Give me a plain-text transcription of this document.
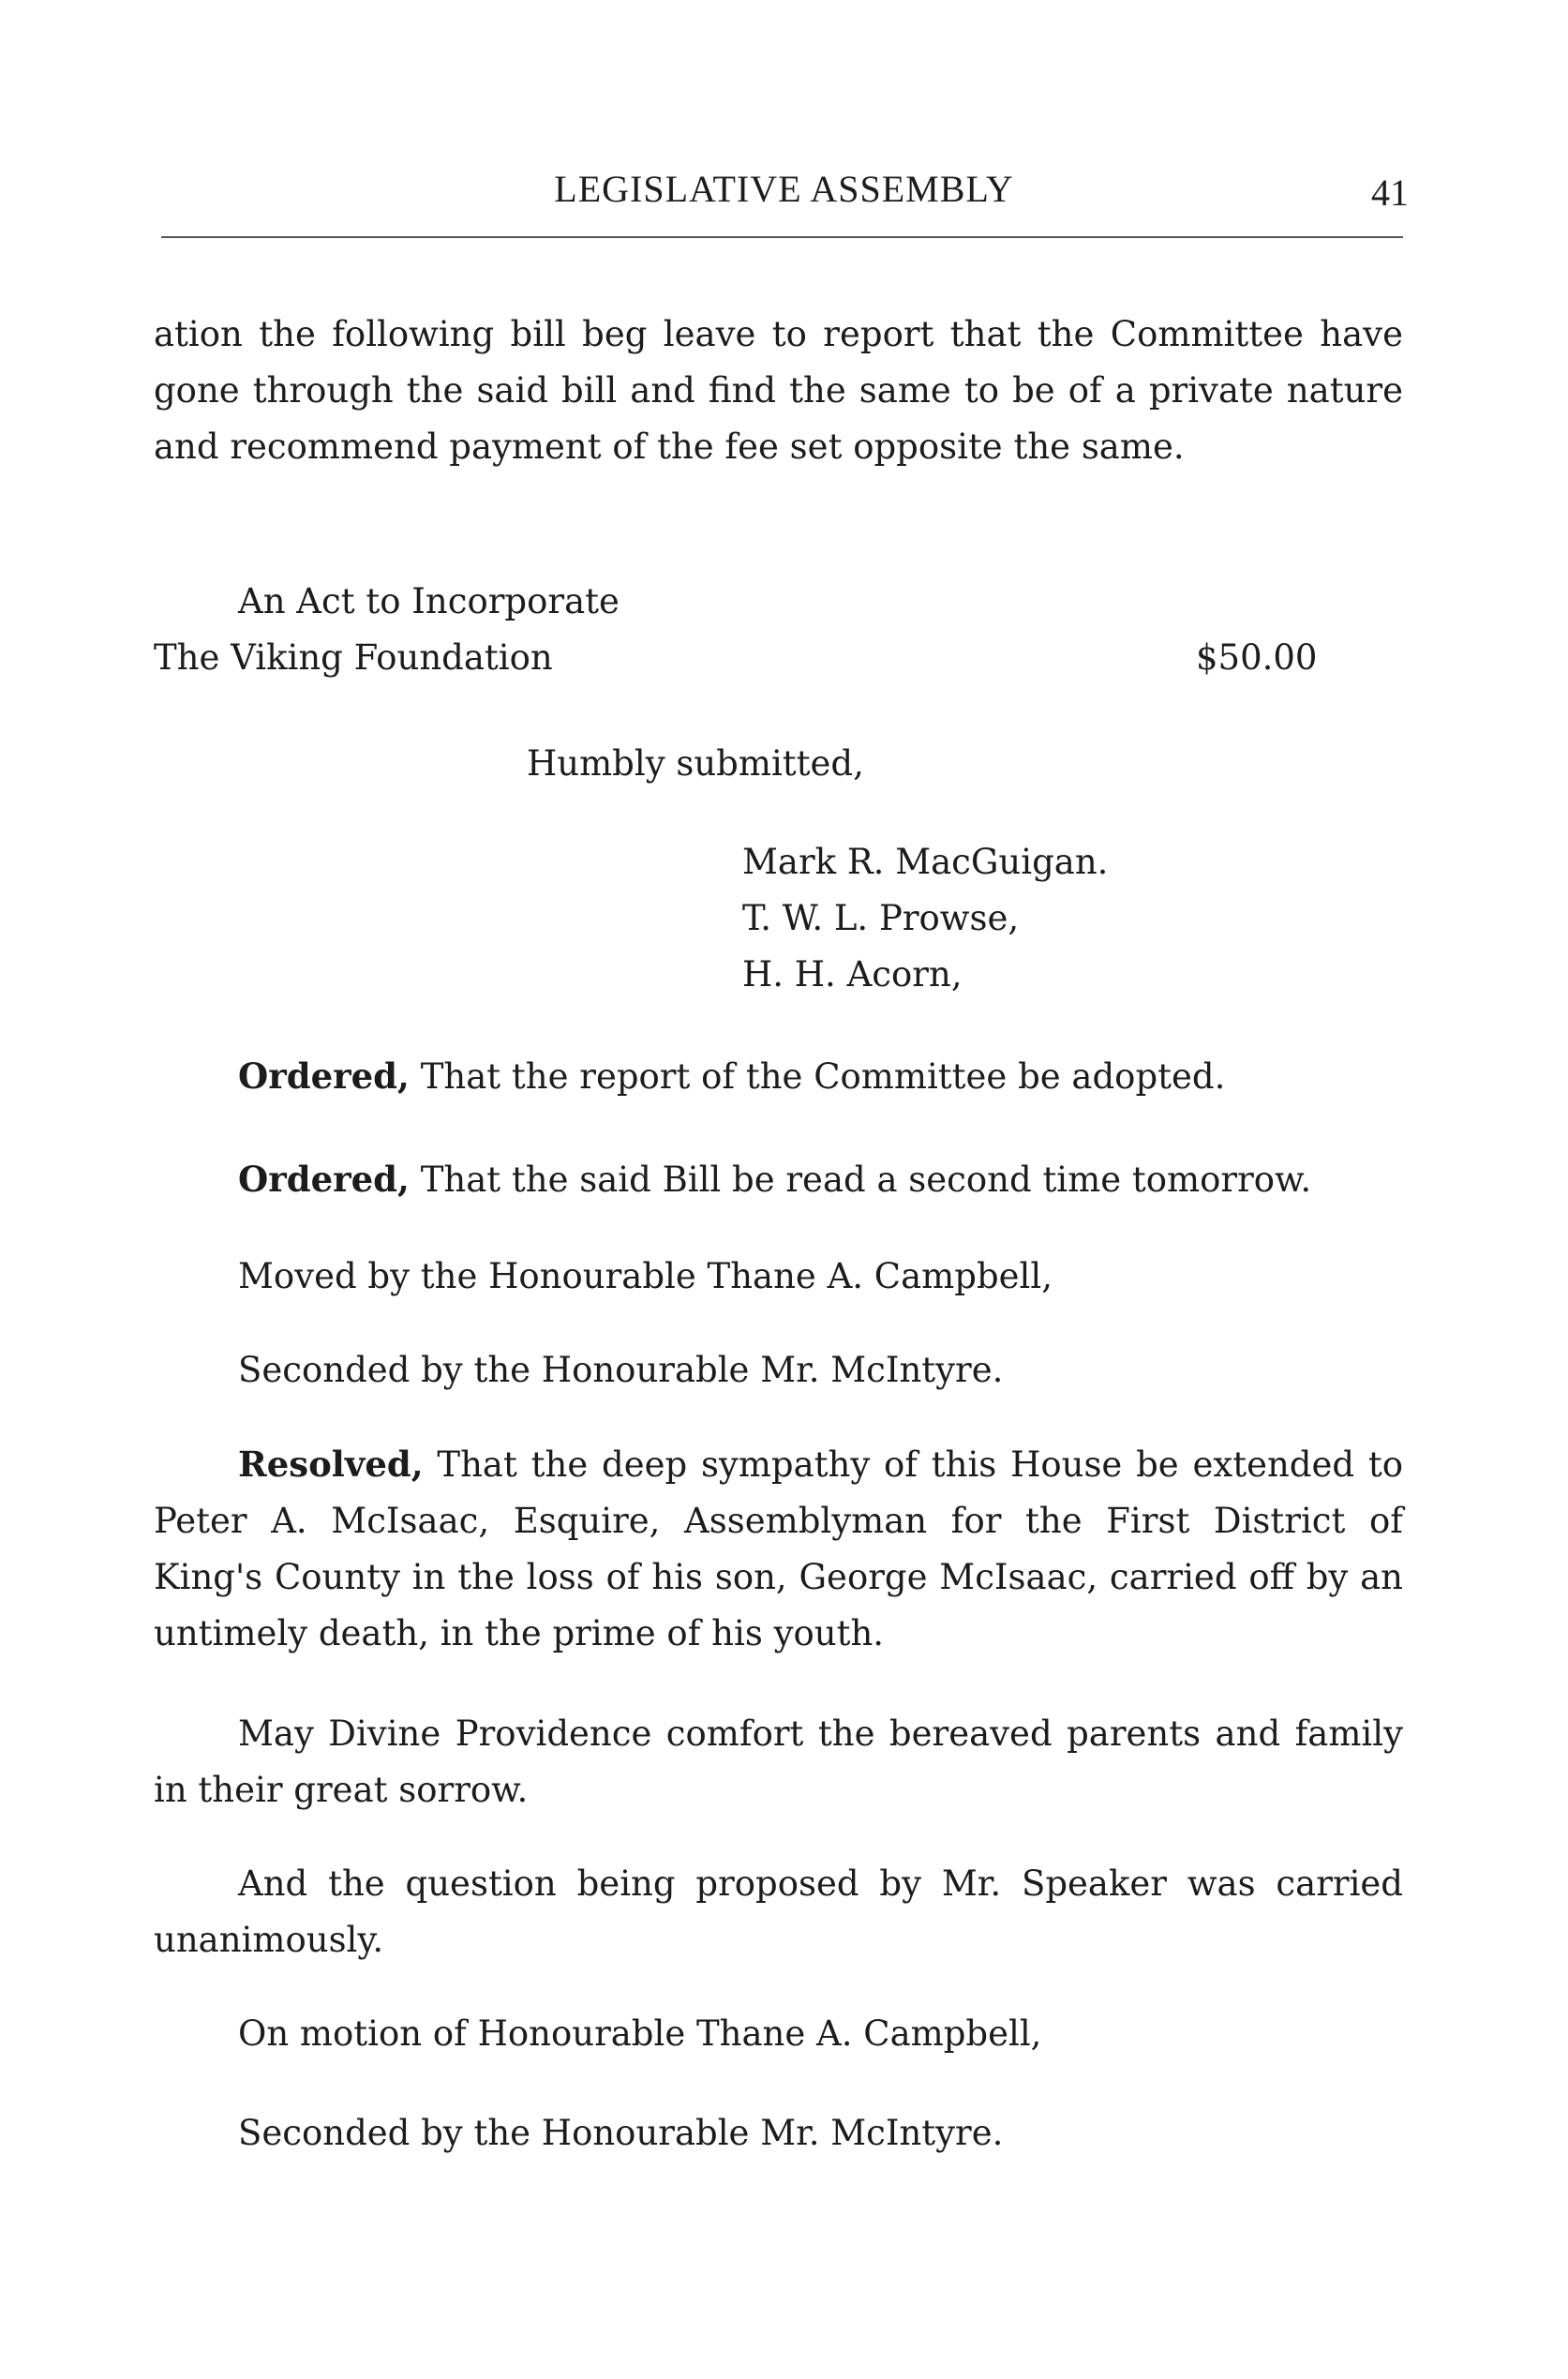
LEGISLATIVE ASSEMBLY	41

ation the following bill beg leave to report that the Committee have gone through the said bill and find the same to be of a private nature and recommend payment of the fee set opposite the same.

An Act to Incorporate
The Viking Foundation	$50.00
Humbly submitted,
Mark R. MacGuigan.
T. W. L. Prowse,
H. H. Acorn,
Ordered, That the report of the Committee be adopted.
Ordered, That the said Bill be read a second time tomorrow.
Moved by the Honourable Thane A. Campbell,
Seconded by the Honourable Mr. McIntyre.

Resolved, That the deep sympathy of this House be extended to Peter A. McIsaac, Esquire, Assemblyman for the First District of King's County in the loss of his son, George McIsaac, carried off by an untimely death, in the prime of his youth.

May Divine Providence comfort the bereaved parents and family in their great sorrow.

And the question being proposed by Mr. Speaker was carried unanimously.

On motion of Honourable Thane A. Campbell,
Seconded by the Honourable Mr. McIntyre.
